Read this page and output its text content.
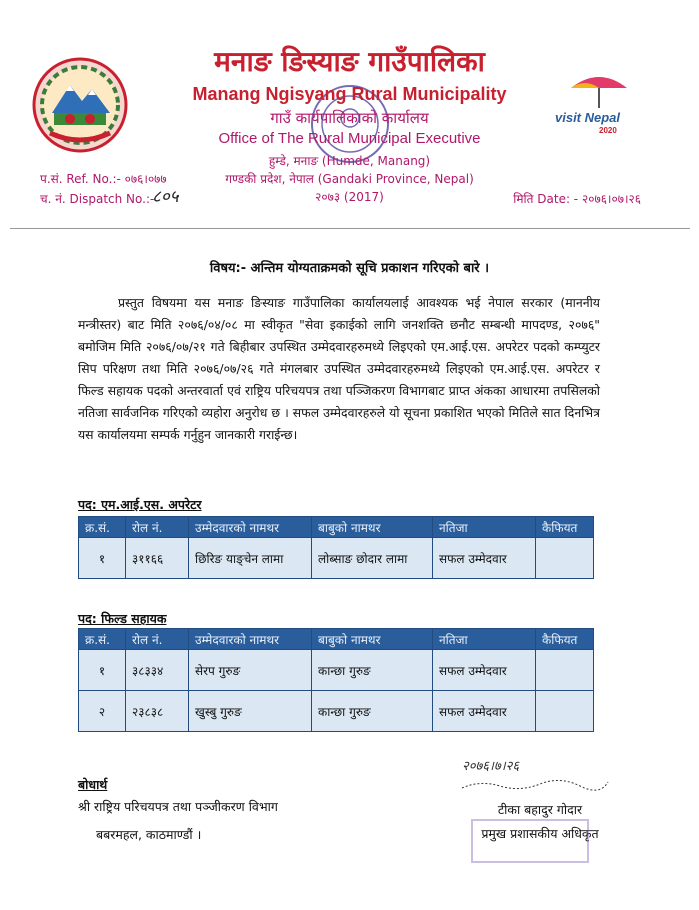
visit Nepal
2020
मनाङ ङिस्याङ गाउँपालिका
Manang Ngisyang Rural Municipality
गाउँ कार्यपालिकाको कार्यालय
Office of The Rural Municipal Executive
हुम्डे, मनाङ (Humde, Manang)
गण्डकी प्रदेश, नेपाल (Gandaki Province, Nepal)
२०७३ (2017)
प.सं. Ref. No.:- ०७६।०७७
च. नं. Dispatch No.:-
८०५	मिति Date: - २०७६।०७।२६
विषय:- अन्तिम योग्यताक्रमको सूचि प्रकाशन गरिएको बारे ।

प्रस्तुत विषयमा यस मनाङ ङिस्याङ गाउँपालिका कार्यालयलाई आवश्यक भई नेपाल सरकार (माननीय मन्त्रीस्तर) बाट मिति २०७६/०४/०८ मा स्वीकृत "सेवा इकाईको लागि जनशक्ति छनौट सम्बन्धी मापदण्ड, २०७६" बमोजिम मिति २०७६/०७/२१ गते बिहीबार उपस्थित उम्मेदवारहरुमध्ये लिइएको एम.आई.एस. अपरेटर पदको कम्प्युटर सिप परिक्षण तथा मिति २०७६/०७/२६ गते मंगलबार उपस्थित उम्मेदवारहरुमध्ये लिइएको एम.आई.एस. अपरेटर र फिल्ड सहायक पदको अन्तरवार्ता एवं राष्ट्रिय परिचयपत्र तथा पञ्जिकरण विभागबाट प्राप्त अंकका आधारमा तपसिलको नतिजा सार्वजनिक गरिएको व्यहोरा अनुरोध छ । सफल उम्मेदवारहरुले यो सूचना प्रकाशित भएको मितिले सात दिनभित्र यस कार्यालयमा सम्पर्क गर्नुहुन जानकारी गराईन्छ।

पद: एम.आई.एस. अपरेटर
क्र.सं.	रोल नं.	उम्मेदवारको नामथर	बाबुको नामथर	नतिजा	कैफियत
१	३११६६	छिरिङ याङ्चेन लामा	लोब्साङ छोदार लामा	सफल उम्मेदवार	
पद: फिल्ड सहायक
क्र.सं.	रोल नं.	उम्मेदवारको नामथर	बाबुको नामथर	नतिजा	कैफियत
१	३८३३४	सेरप गुरुङ	कान्छा गुरुङ	सफल उम्मेदवार	
२	२३८३८	खुस्बु गुरुङ	कान्छा गुरुङ	सफल उम्मेदवार	
बोधार्थ
श्री राष्ट्रिय परिचयपत्र तथा पञ्जीकरण विभाग
बबरमहल, काठमाण्डौं ।
२०७६।७।२६
टीका बहादुर गोदार
प्रमुख प्रशासकीय अधिकृत
